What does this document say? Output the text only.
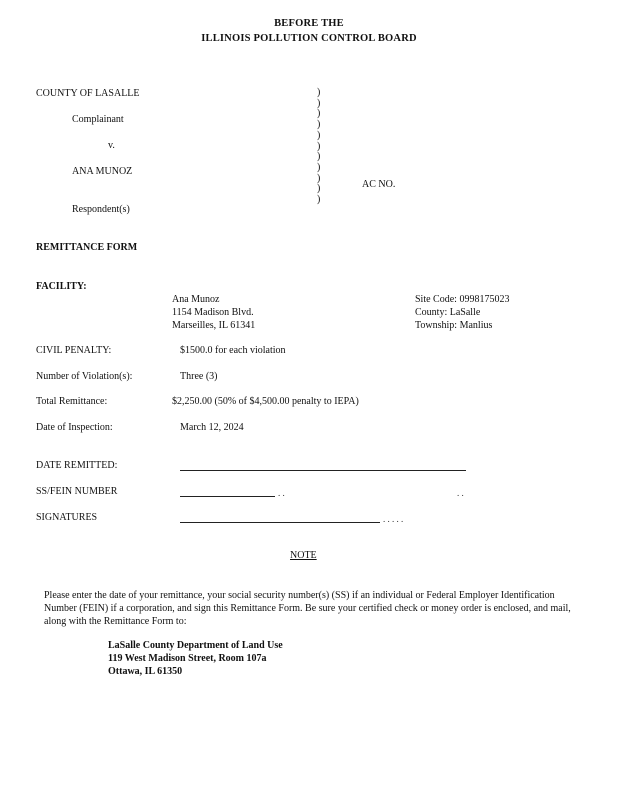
BEFORE THE
ILLINOIS POLLUTION CONTROL BOARD
COUNTY OF LASALLE
Complainant
v.
ANA MUNOZ
Respondent(s)
)
)
)
)
)
)
)
)
)
)
)
AC NO.
REMITTANCE FORM
FACILITY:
Ana Munoz
1154 Madison Blvd.
Marseilles, IL 61341
Site Code: 0998175023
County: LaSalle
Township: Manlius
CIVIL PENALTY:	$1500.0 for each violation
Number of Violation(s):	Three (3)
Total Remittance:	$2,250.00 (50% of $4,500.00 penalty to IEPA)
Date of Inspection:	March 12, 2024
DATE REMITTED:
SS/FEIN NUMBER	. .	. .
SIGNATURES	. . . . .
NOTE
Please enter the date of your remittance, your social security number(s) (SS) if an individual or Federal Employer Identification Number (FEIN) if a corporation, and sign this Remittance Form. Be sure your certified check or money order is enclosed, and mail, along with the Remittance Form to:
LaSalle County Department of Land Use
119 West Madison Street, Room 107a
Ottawa, IL 61350
